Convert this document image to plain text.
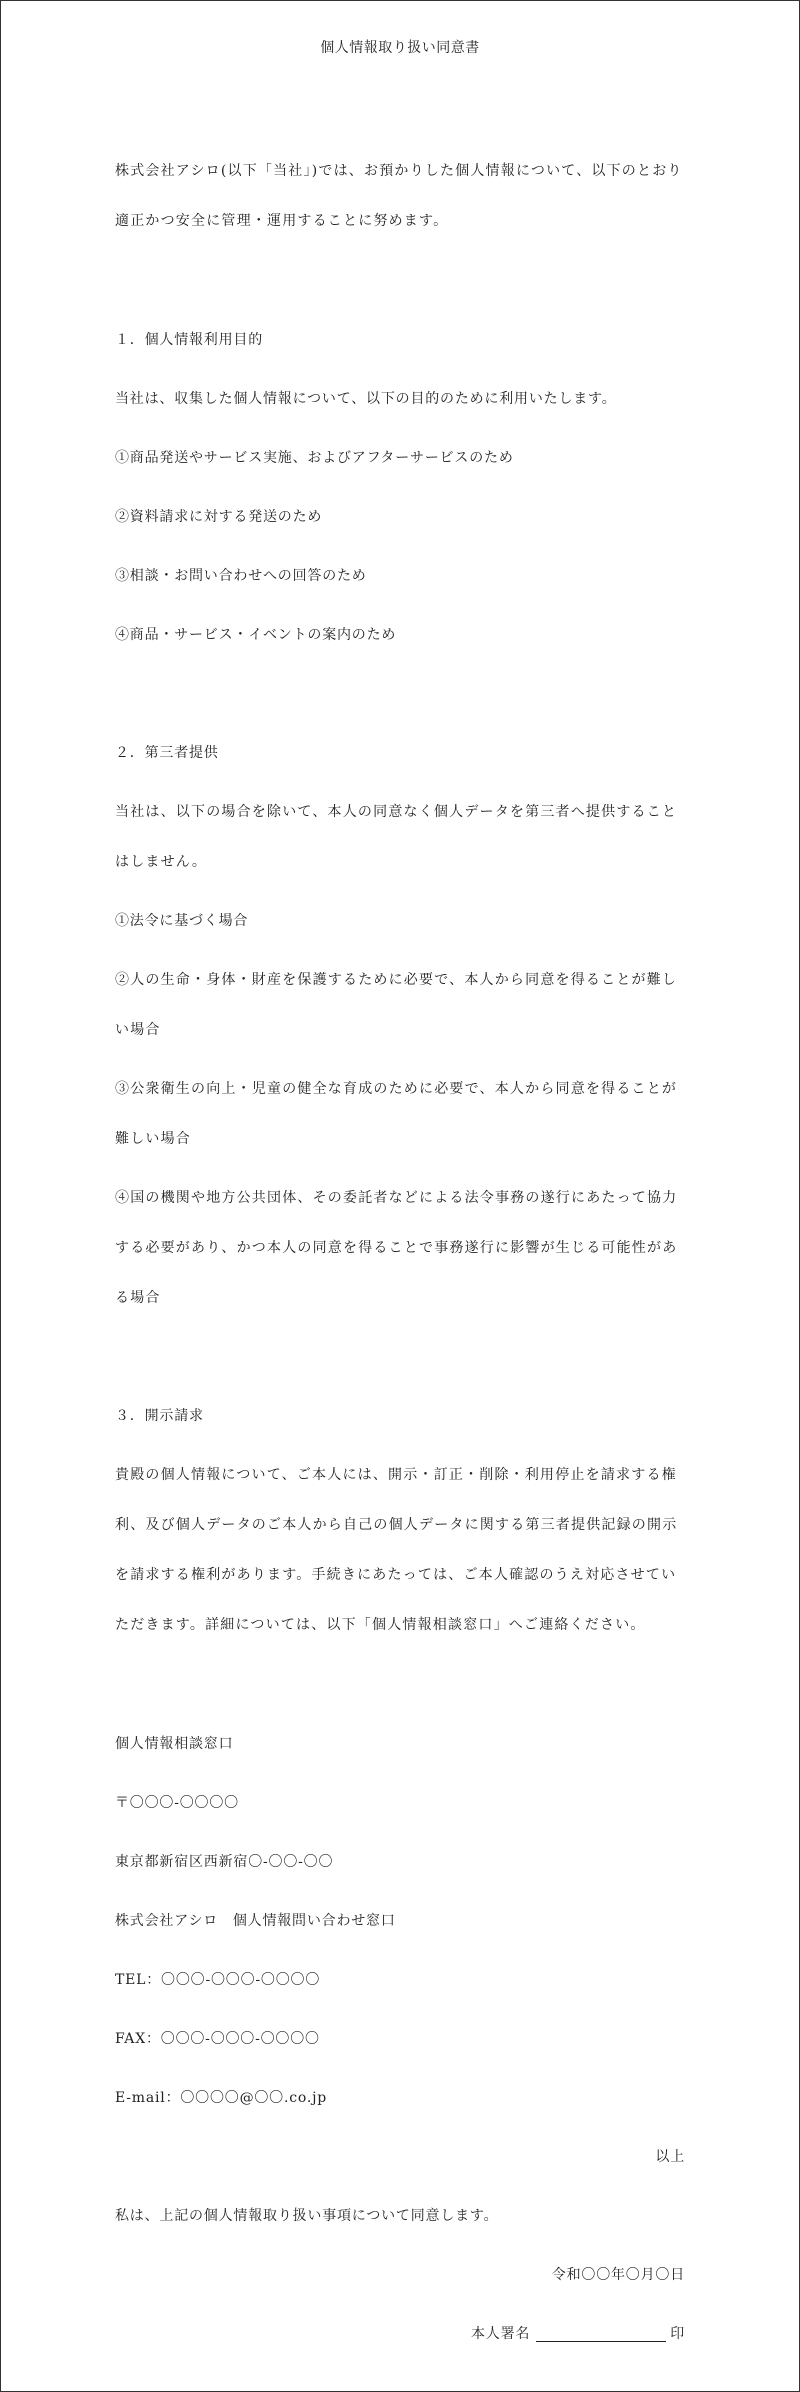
個人情報取り扱い同意書

株式会社アシロ(以下「当社」)では、お預かりした個人情報について、以下のとおり適正かつ安全に管理・運用することに努めます。

１．個人情報利用目的

当社は、収集した個人情報について、以下の目的のために利用いたします。

①商品発送やサービス実施、およびアフターサービスのため

②資料請求に対する発送のため

③相談・お問い合わせへの回答のため

④商品・サービス・イベントの案内のため

２．第三者提供

当社は、以下の場合を除いて、本人の同意なく個人データを第三者へ提供することはしません。

①法令に基づく場合

②人の生命・身体・財産を保護するために必要で、本人から同意を得ることが難しい場合

③公衆衛生の向上・児童の健全な育成のために必要で、本人から同意を得ることが難しい場合

④国の機関や地方公共団体、その委託者などによる法令事務の遂行にあたって協力する必要があり、かつ本人の同意を得ることで事務遂行に影響が生じる可能性がある場合

３．開示請求

貴殿の個人情報について、ご本人には、開示・訂正・削除・利用停止を請求する権利、及び個人データのご本人から自己の個人データに関する第三者提供記録の開示を請求する権利があります。手続きにあたっては、ご本人確認のうえ対応させていただきます。詳細については、以下「個人情報相談窓口」へご連絡ください。

個人情報相談窓口

〒〇〇〇-〇〇〇〇

東京都新宿区西新宿〇-〇〇-〇〇

株式会社アシロ　個人情報問い合わせ窓口

TEL：〇〇〇-〇〇〇-〇〇〇〇

FAX：〇〇〇-〇〇〇-〇〇〇〇

E-mail：〇〇〇〇@〇〇.co.jp

以上

私は、上記の個人情報取り扱い事項について同意します。

令和〇〇年〇月〇日

本人署名	印
